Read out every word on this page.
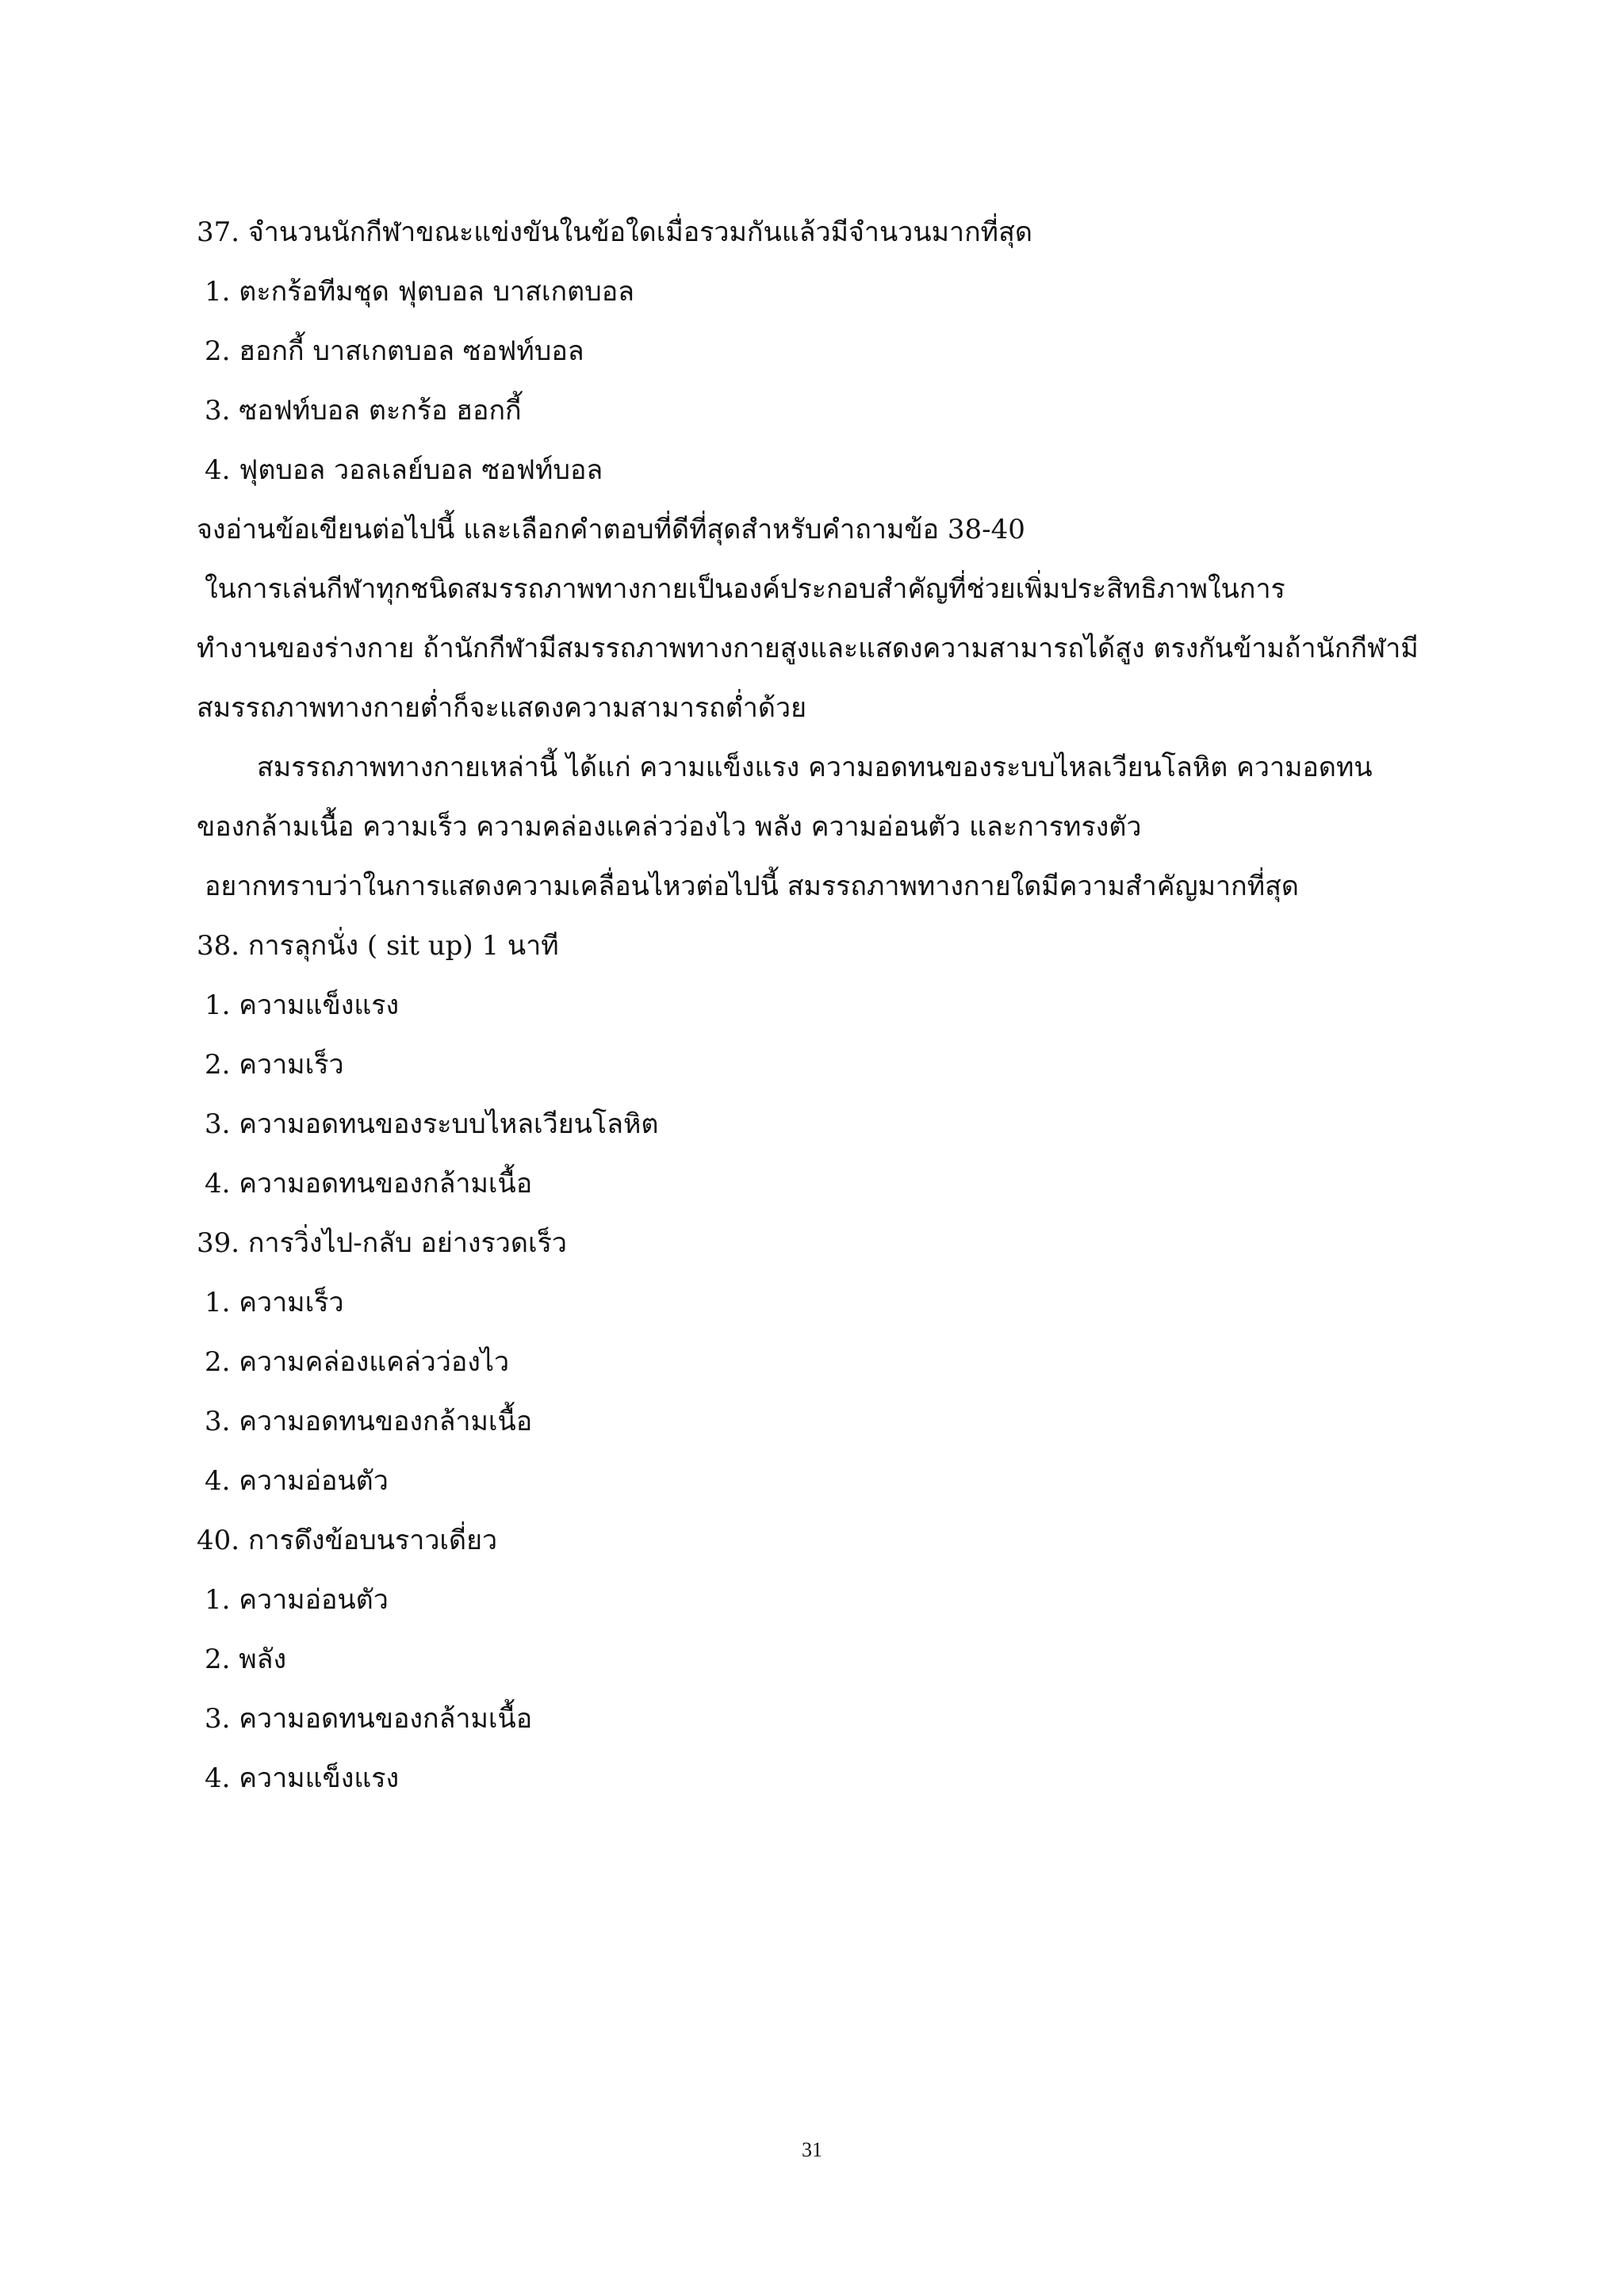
37. จำนวนนักกีฬาขณะแข่งขันในข้อใดเมื่อรวมกันแล้วมีจำนวนมากที่สุด
1. ตะกร้อทีมชุด ฟุตบอล บาสเกตบอล
2. ฮอกกี้ บาสเกตบอล ซอฟท์บอล
3. ซอฟท์บอล ตะกร้อ ฮอกกี้
4. ฟุตบอล วอลเลย์บอล ซอฟท์บอล
จงอ่านข้อเขียนต่อไปนี้ และเลือกคำตอบที่ดีที่สุดสำหรับคำถามข้อ 38-40
ในการเล่นกีฬาทุกชนิดสมรรถภาพทางกายเป็นองค์ประกอบสำคัญที่ช่วยเพิ่มประสิทธิภาพในการ
ทำงานของร่างกาย ถ้านักกีฬามีสมรรถภาพทางกายสูงและแสดงความสามารถได้สูง ตรงกันข้ามถ้านักกีฬามี
สมรรถภาพทางกายต่ำก็จะแสดงความสามารถต่ำด้วย
สมรรถภาพทางกายเหล่านี้ ได้แก่ ความแข็งแรง ความอดทนของระบบไหลเวียนโลหิต ความอดทน
ของกล้ามเนื้อ ความเร็ว ความคล่องแคล่วว่องไว พลัง ความอ่อนตัว และการทรงตัว
อยากทราบว่าในการแสดงความเคลื่อนไหวต่อไปนี้ สมรรถภาพทางกายใดมีความสำคัญมากที่สุด
38. การลุกนั่ง ( sit up) 1 นาที
1. ความแข็งแรง
2. ความเร็ว
3. ความอดทนของระบบไหลเวียนโลหิต
4. ความอดทนของกล้ามเนื้อ
39. การวิ่งไป-กลับ อย่างรวดเร็ว
1. ความเร็ว
2. ความคล่องแคล่วว่องไว
3. ความอดทนของกล้ามเนื้อ
4. ความอ่อนตัว
40. การดึงข้อบนราวเดี่ยว
1. ความอ่อนตัว
2. พลัง
3. ความอดทนของกล้ามเนื้อ
4. ความแข็งแรง
31
